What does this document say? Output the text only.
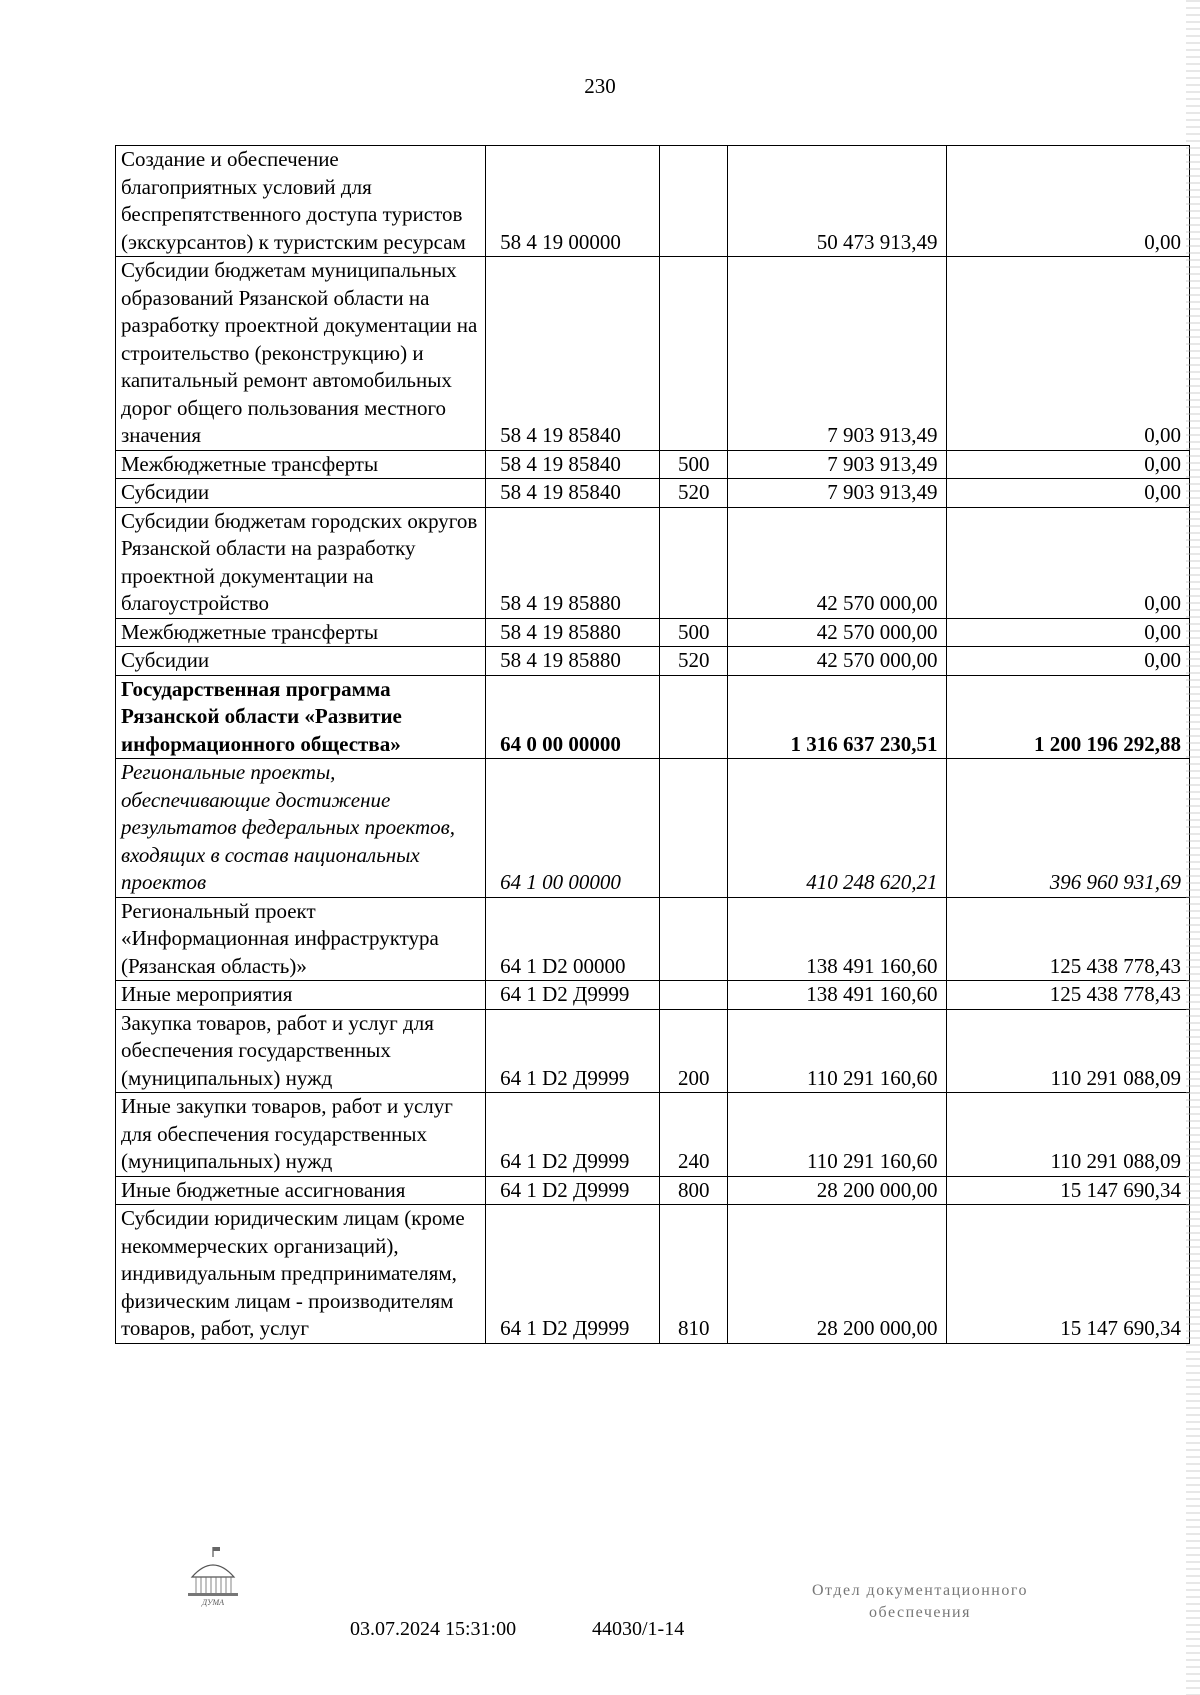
230
Создание и обеспечение благоприятных условий для беспрепятственного доступа туристов (экскурсантов) к туристским ресурсам	58 4 19 00000		50 473 913,49	0,00
Субсидии бюджетам муниципальных образований Рязанской области на разработку проектной документации на строительство (реконструкцию) и капитальный ремонт автомобильных дорог общего пользования местного значения	58 4 19 85840		7 903 913,49	0,00
Межбюджетные трансферты	58 4 19 85840	500	7 903 913,49	0,00
Субсидии	58 4 19 85840	520	7 903 913,49	0,00
Субсидии бюджетам городских округов Рязанской области на разработку проектной документации на благоустройство	58 4 19 85880		42 570 000,00	0,00
Межбюджетные трансферты	58 4 19 85880	500	42 570 000,00	0,00
Субсидии	58 4 19 85880	520	42 570 000,00	0,00
Государственная программа Рязанской области «Развитие информационного общества»	64 0 00 00000		1 316 637 230,51	1 200 196 292,88
Региональные проекты, обеспечивающие достижение результатов федеральных проектов, входящих в состав национальных проектов	64 1 00 00000		410 248 620,21	396 960 931,69
Региональный проект «Информационная инфраструктура (Рязанская область)»	64 1 D2 00000		138 491 160,60	125 438 778,43
Иные мероприятия	64 1 D2 Д9999		138 491 160,60	125 438 778,43
Закупка товаров, работ и услуг для обеспечения государственных (муниципальных) нужд	64 1 D2 Д9999	200	110 291 160,60	110 291 088,09
Иные закупки товаров, работ и услуг для обеспечения государственных (муниципальных) нужд	64 1 D2 Д9999	240	110 291 160,60	110 291 088,09
Иные бюджетные ассигнования	64 1 D2 Д9999	800	28 200 000,00	15 147 690,34
Субсидии юридическим лицам (кроме некоммерческих организаций), индивидуальным предпринимателям, физическим лицам - производителям товаров, работ, услуг	64 1 D2 Д9999	810	28 200 000,00	15 147 690,34
ДУМА
03.07.2024 15:31:00	44030/1-14
Отдел документационного
обеспечения
